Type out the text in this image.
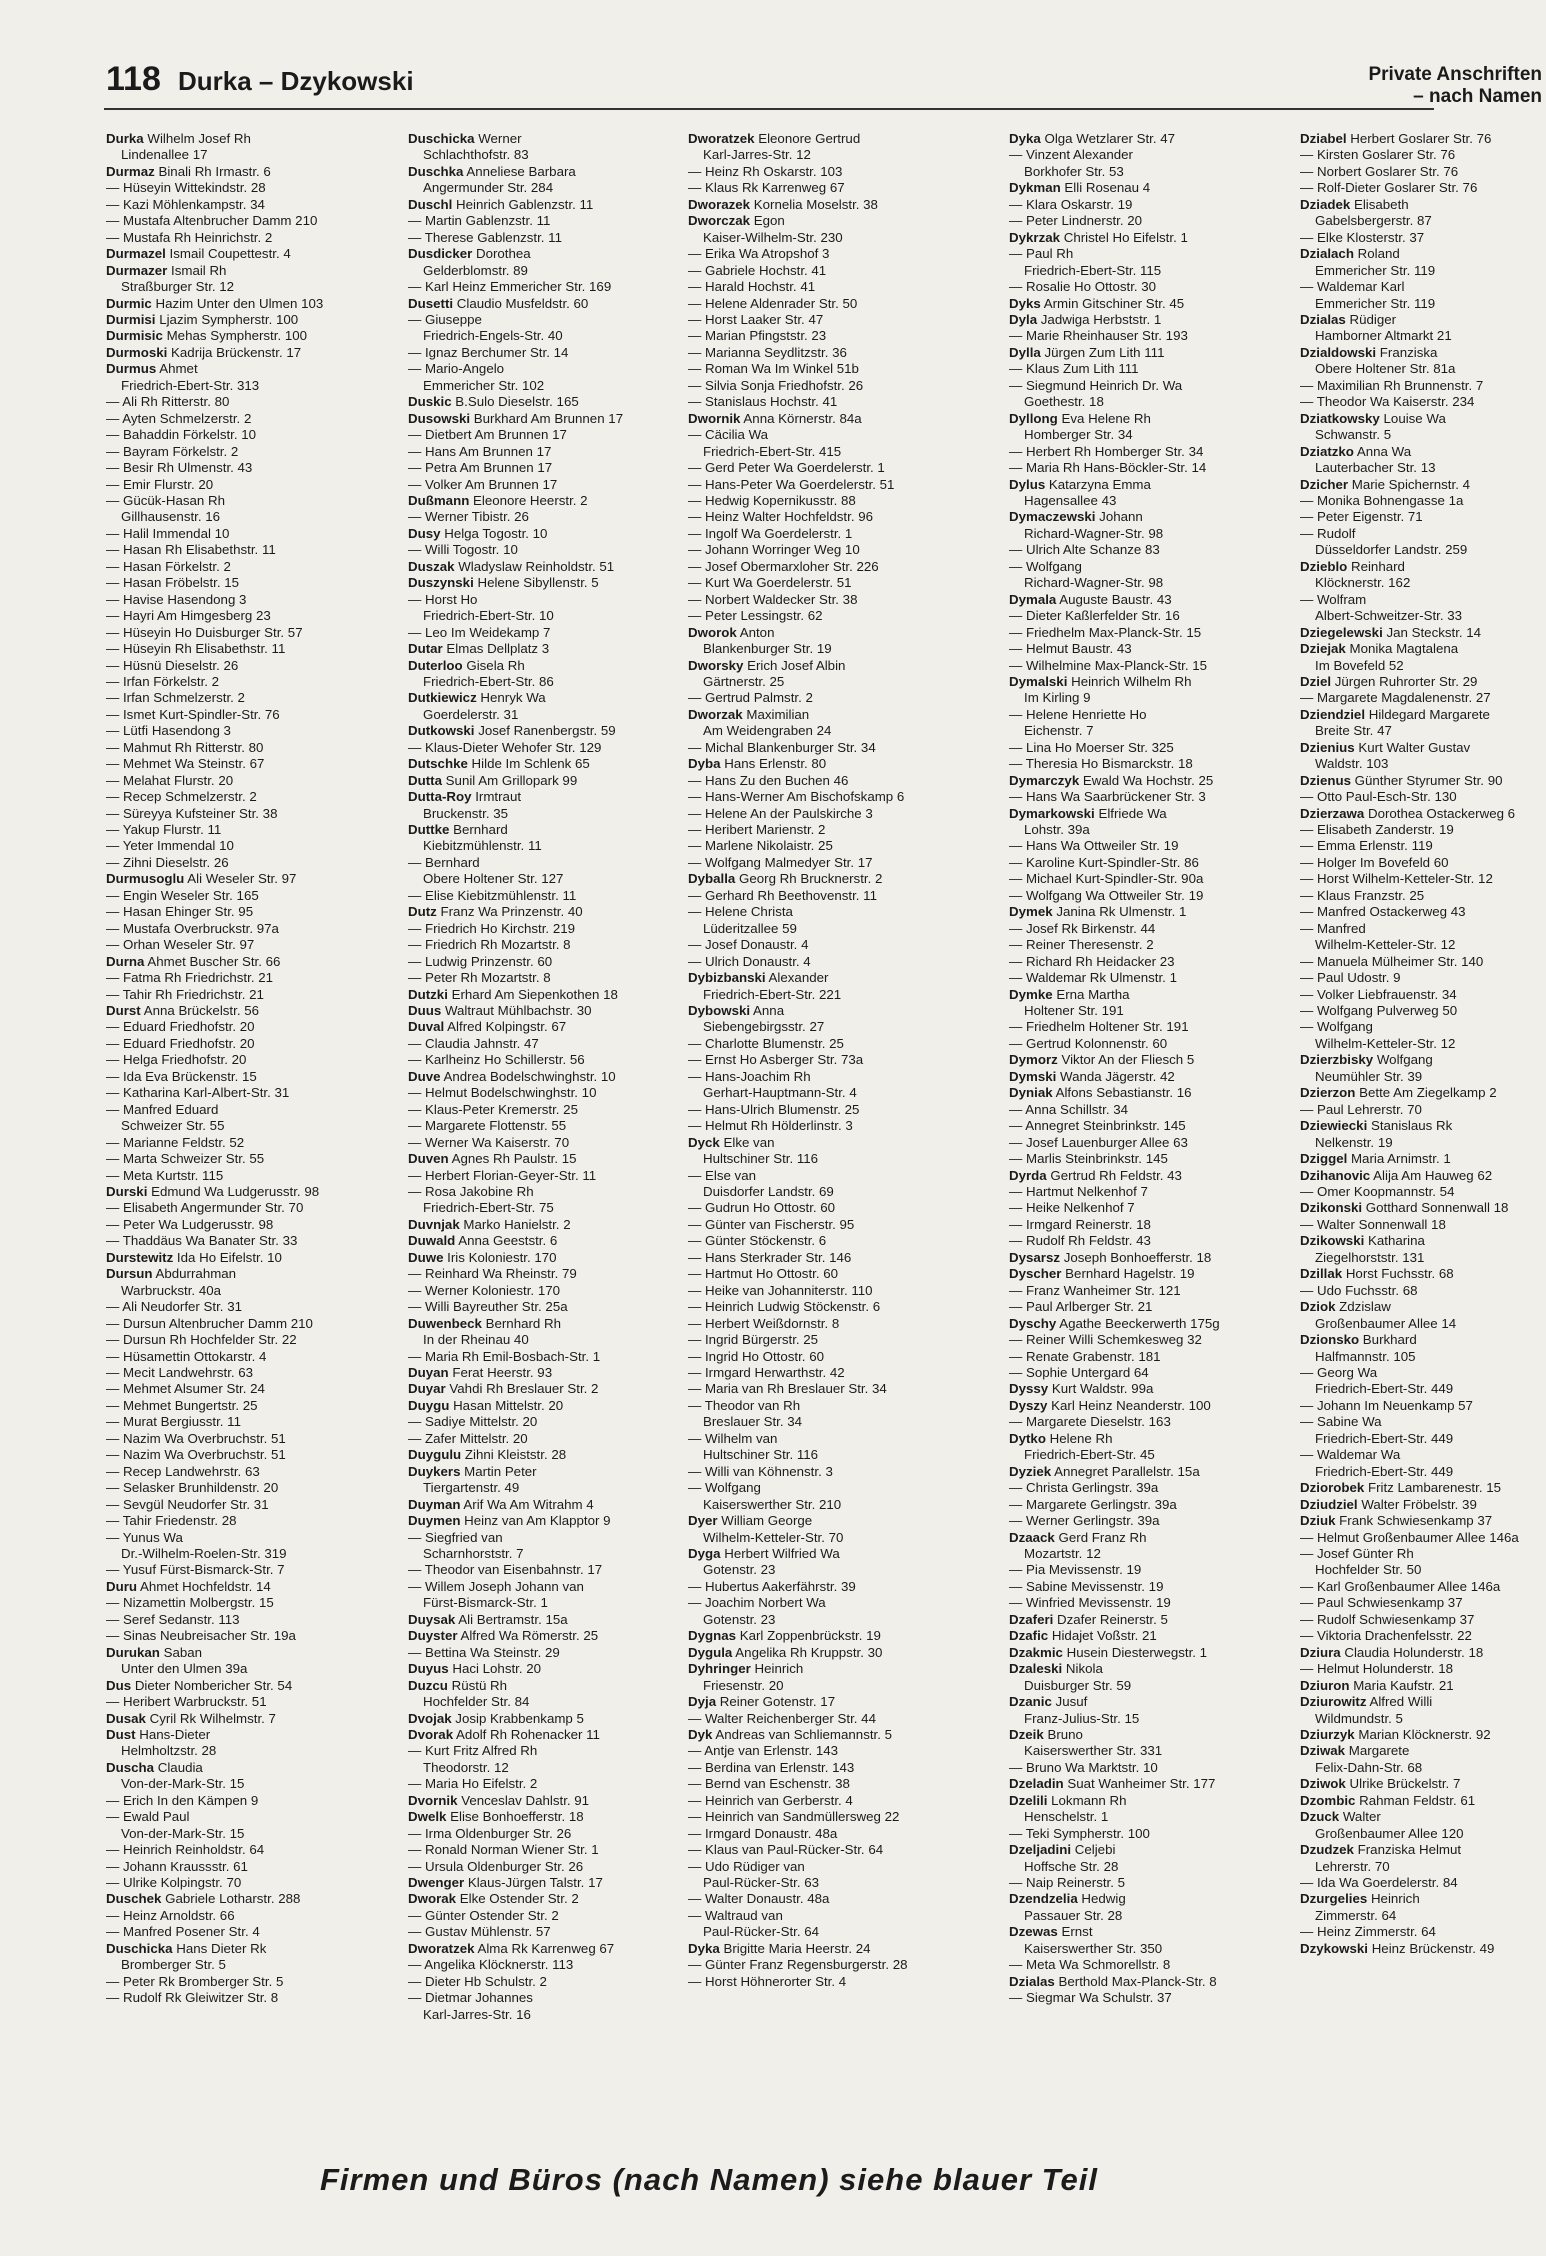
118 Durka – Dzykowski	Private Anschriften
– nach Namen
Durka Wilhelm Josef Rh
Lindenallee 17
Durmaz Binali Rh Irmastr. 6
— Hüseyin Wittekindstr. 28
— Kazi Möhlenkampstr. 34
— Mustafa Altenbrucher Damm 210
— Mustafa Rh Heinrichstr. 2
Durmazel Ismail Coupettestr. 4
Durmazer Ismail Rh
Straßburger Str. 12
Durmic Hazim Unter den Ulmen 103
Durmisi Ljazim Sympherstr. 100
Durmisic Mehas Sympherstr. 100
Durmoski Kadrija Brückenstr. 17
Durmus Ahmet
Friedrich-Ebert-Str. 313
— Ali Rh Ritterstr. 80
— Ayten Schmelzerstr. 2
— Bahaddin Förkelstr. 10
— Bayram Förkelstr. 2
— Besir Rh Ulmenstr. 43
— Emir Flurstr. 20
— Gücük-Hasan Rh
Gillhausenstr. 16
— Halil Immendal 10
— Hasan Rh Elisabethstr. 11
— Hasan Förkelstr. 2
— Hasan Fröbelstr. 15
— Havise Hasendong 3
— Hayri Am Himgesberg 23
— Hüseyin Ho Duisburger Str. 57
— Hüseyin Rh Elisabethstr. 11
— Hüsnü Dieselstr. 26
— Irfan Förkelstr. 2
— Irfan Schmelzerstr. 2
— Ismet Kurt-Spindler-Str. 76
— Lütfi Hasendong 3
— Mahmut Rh Ritterstr. 80
— Mehmet Wa Steinstr. 67
— Melahat Flurstr. 20
— Recep Schmelzerstr. 2
— Süreyya Kufsteiner Str. 38
— Yakup Flurstr. 11
— Yeter Immendal 10
— Zihni Dieselstr. 26
Durmusoglu Ali Weseler Str. 97
— Engin Weseler Str. 165
— Hasan Ehinger Str. 95
— Mustafa Overbruckstr. 97a
— Orhan Weseler Str. 97
Durna Ahmet Buscher Str. 66
— Fatma Rh Friedrichstr. 21
— Tahir Rh Friedrichstr. 21
Durst Anna Brückelstr. 56
— Eduard Friedhofstr. 20
— Eduard Friedhofstr. 20
— Helga Friedhofstr. 20
— Ida Eva Brückenstr. 15
— Katharina Karl-Albert-Str. 31
— Manfred Eduard
Schweizer Str. 55
— Marianne Feldstr. 52
— Marta Schweizer Str. 55
— Meta Kurtstr. 115
Durski Edmund Wa Ludgerusstr. 98
— Elisabeth Angermunder Str. 70
— Peter Wa Ludgerusstr. 98
— Thaddäus Wa Banater Str. 33
Durstewitz Ida Ho Eifelstr. 10
Dursun Abdurrahman
Warbruckstr. 40a
— Ali Neudorfer Str. 31
— Dursun Altenbrucher Damm 210
— Dursun Rh Hochfelder Str. 22
— Hüsamettin Ottokarstr. 4
— Mecit Landwehrstr. 63
— Mehmet Alsumer Str. 24
— Mehmet Bungertstr. 25
— Murat Bergiusstr. 11
— Nazim Wa Overbruchstr. 51
— Nazim Wa Overbruchstr. 51
— Recep Landwehrstr. 63
— Selasker Brunhildenstr. 20
— Sevgül Neudorfer Str. 31
— Tahir Friedenstr. 28
— Yunus Wa
Dr.-Wilhelm-Roelen-Str. 319
— Yusuf Fürst-Bismarck-Str. 7
Duru Ahmet Hochfeldstr. 14
— Nizamettin Molbergstr. 15
— Seref Sedanstr. 113
— Sinas Neubreisacher Str. 19a
Durukan Saban
Unter den Ulmen 39a
Dus Dieter Nombericher Str. 54
— Heribert Warbruckstr. 51
Dusak Cyril Rk Wilhelmstr. 7
Dust Hans-Dieter
Helmholtzstr. 28
Duscha Claudia
Von-der-Mark-Str. 15
— Erich In den Kämpen 9
— Ewald Paul
Von-der-Mark-Str. 15
— Heinrich Reinholdstr. 64
— Johann Kraussstr. 61
— Ulrike Kolpingstr. 70
Duschek Gabriele Lotharstr. 288
— Heinz Arnoldstr. 66
— Manfred Posener Str. 4
Duschicka Hans Dieter Rk
Bromberger Str. 5
— Peter Rk Bromberger Str. 5
— Rudolf Rk Gleiwitzer Str. 8
Duschicka Werner
Schlachthofstr. 83
Duschka Anneliese Barbara
Angermunder Str. 284
Duschl Heinrich Gablenzstr. 11
— Martin Gablenzstr. 11
— Therese Gablenzstr. 11
Dusdicker Dorothea
Gelderblomstr. 89
— Karl Heinz Emmericher Str. 169
Dusetti Claudio Musfeldstr. 60
— Giuseppe
Friedrich-Engels-Str. 40
— Ignaz Berchumer Str. 14
— Mario-Angelo
Emmericher Str. 102
Duskic B.Sulo Dieselstr. 165
Dusowski Burkhard Am Brunnen 17
— Dietbert Am Brunnen 17
— Hans Am Brunnen 17
— Petra Am Brunnen 17
— Volker Am Brunnen 17
Dußmann Eleonore Heerstr. 2
— Werner Tibistr. 26
Dusy Helga Togostr. 10
— Willi Togostr. 10
Duszak Wladyslaw Reinholdstr. 51
Duszynski Helene Sibyllenstr. 5
— Horst Ho
Friedrich-Ebert-Str. 10
— Leo Im Weidekamp 7
Dutar Elmas Dellplatz 3
Duterloo Gisela Rh
Friedrich-Ebert-Str. 86
Dutkiewicz Henryk Wa
Goerdelerstr. 31
Dutkowski Josef Ranenbergstr. 59
— Klaus-Dieter Wehofer Str. 129
Dutschke Hilde Im Schlenk 65
Dutta Sunil Am Grillopark 99
Dutta-Roy Irmtraut
Bruckenstr. 35
Duttke Bernhard
Kiebitzmühlenstr. 11
— Bernhard
Obere Holtener Str. 127
— Elise Kiebitzmühlenstr. 11
Dutz Franz Wa Prinzenstr. 40
— Friedrich Ho Kirchstr. 219
— Friedrich Rh Mozartstr. 8
— Ludwig Prinzenstr. 60
— Peter Rh Mozartstr. 8
Dutzki Erhard Am Siepenkothen 18
Duus Waltraut Mühlbachstr. 30
Duval Alfred Kolpingstr. 67
— Claudia Jahnstr. 47
— Karlheinz Ho Schillerstr. 56
Duve Andrea Bodelschwinghstr. 10
— Helmut Bodelschwinghstr. 10
— Klaus-Peter Kremerstr. 25
— Margarete Flottenstr. 55
— Werner Wa Kaiserstr. 70
Duven Agnes Rh Paulstr. 15
— Herbert Florian-Geyer-Str. 11
— Rosa Jakobine Rh
Friedrich-Ebert-Str. 75
Duvnjak Marko Hanielstr. 2
Duwald Anna Geeststr. 6
Duwe Iris Koloniestr. 170
— Reinhard Wa Rheinstr. 79
— Werner Koloniestr. 170
— Willi Bayreuther Str. 25a
Duwenbeck Bernhard Rh
In der Rheinau 40
— Maria Rh Emil-Bosbach-Str. 1
Duyan Ferat Heerstr. 93
Duyar Vahdi Rh Breslauer Str. 2
Duygu Hasan Mittelstr. 20
— Sadiye Mittelstr. 20
— Zafer Mittelstr. 20
Duygulu Zihni Kleiststr. 28
Duykers Martin Peter
Tiergartenstr. 49
Duyman Arif Wa Am Witrahm 4
Duymen Heinz van Am Klapptor 9
— Siegfried van
Scharnhorststr. 7
— Theodor van Eisenbahnstr. 17
— Willem Joseph Johann van
Fürst-Bismarck-Str. 1
Duysak Ali Bertramstr. 15a
Duyster Alfred Wa Römerstr. 25
— Bettina Wa Steinstr. 29
Duyus Haci Lohstr. 20
Duzcu Rüstü Rh
Hochfelder Str. 84
Dvojak Josip Krabbenkamp 5
Dvorak Adolf Rh Rohenacker 11
— Kurt Fritz Alfred Rh
Theodorstr. 12
— Maria Ho Eifelstr. 2
Dvornik Venceslav Dahlstr. 91
Dwelk Elise Bonhoefferstr. 18
— Irma Oldenburger Str. 26
— Ronald Norman Wiener Str. 1
— Ursula Oldenburger Str. 26
Dwenger Klaus-Jürgen Talstr. 17
Dworak Elke Ostender Str. 2
— Günter Ostender Str. 2
— Gustav Mühlenstr. 57
Dworatzek Alma Rk Karrenweg 67
— Angelika Klöcknerstr. 113
— Dieter Hb Schulstr. 2
— Dietmar Johannes
Karl-Jarres-Str. 16
Dworatzek Eleonore Gertrud
Karl-Jarres-Str. 12
— Heinz Rh Oskarstr. 103
— Klaus Rk Karrenweg 67
Dworazek Kornelia Moselstr. 38
Dworczak Egon
Kaiser-Wilhelm-Str. 230
— Erika Wa Atropshof 3
— Gabriele Hochstr. 41
— Harald Hochstr. 41
— Helene Aldenrader Str. 50
— Horst Laaker Str. 47
— Marian Pfingststr. 23
— Marianna Seydlitzstr. 36
— Roman Wa Im Winkel 51b
— Silvia Sonja Friedhofstr. 26
— Stanislaus Hochstr. 41
Dwornik Anna Körnerstr. 84a
— Cäcilia Wa
Friedrich-Ebert-Str. 415
— Gerd Peter Wa Goerdelerstr. 1
— Hans-Peter Wa Goerdelerstr. 51
— Hedwig Kopernikusstr. 88
— Heinz Walter Hochfeldstr. 96
— Ingolf Wa Goerdelerstr. 1
— Johann Worringer Weg 10
— Josef Obermarxloher Str. 226
— Kurt Wa Goerdelerstr. 51
— Norbert Waldecker Str. 38
— Peter Lessingstr. 62
Dworok Anton
Blankenburger Str. 19
Dworsky Erich Josef Albin
Gärtnerstr. 25
— Gertrud Palmstr. 2
Dworzak Maximilian
Am Weidengraben 24
— Michal Blankenburger Str. 34
Dyba Hans Erlenstr. 80
— Hans Zu den Buchen 46
— Hans-Werner Am Bischofskamp 6
— Helene An der Paulskirche 3
— Heribert Marienstr. 2
— Marlene Nikolaistr. 25
— Wolfgang Malmedyer Str. 17
Dyballa Georg Rh Brucknerstr. 2
— Gerhard Rh Beethovenstr. 11
— Helene Christa
Lüderitzallee 59
— Josef Donaustr. 4
— Ulrich Donaustr. 4
Dybizbanski Alexander
Friedrich-Ebert-Str. 221
Dybowski Anna
Siebengebirgsstr. 27
— Charlotte Blumenstr. 25
— Ernst Ho Asberger Str. 73a
— Hans-Joachim Rh
Gerhart-Hauptmann-Str. 4
— Hans-Ulrich Blumenstr. 25
— Helmut Rh Hölderlinstr. 3
Dyck Elke van
Hultschiner Str. 116
— Else van
Duisdorfer Landstr. 69
— Gudrun Ho Ottostr. 60
— Günter van Fischerstr. 95
— Günter Stöckenstr. 6
— Hans Sterkrader Str. 146
— Hartmut Ho Ottostr. 60
— Heike van Johanniterstr. 110
— Heinrich Ludwig Stöckenstr. 6
— Herbert Weißdornstr. 8
— Ingrid Bürgerstr. 25
— Ingrid Ho Ottostr. 60
— Irmgard Herwarthstr. 42
— Maria van Rh Breslauer Str. 34
— Theodor van Rh
Breslauer Str. 34
— Wilhelm van
Hultschiner Str. 116
— Willi van Köhnenstr. 3
— Wolfgang
Kaiserswerther Str. 210
Dyer William George
Wilhelm-Ketteler-Str. 70
Dyga Herbert Wilfried Wa
Gotenstr. 23
— Hubertus Aakerfährstr. 39
— Joachim Norbert Wa
Gotenstr. 23
Dygnas Karl Zoppenbrückstr. 19
Dygula Angelika Rh Kruppstr. 30
Dyhringer Heinrich
Friesenstr. 20
Dyja Reiner Gotenstr. 17
— Walter Reichenberger Str. 44
Dyk Andreas van Schliemannstr. 5
— Antje van Erlenstr. 143
— Berdina van Erlenstr. 143
— Bernd van Eschenstr. 38
— Heinrich van Gerberstr. 4
— Heinrich van Sandmüllersweg 22
— Irmgard Donaustr. 48a
— Klaus van Paul-Rücker-Str. 64
— Udo Rüdiger van
Paul-Rücker-Str. 63
— Walter Donaustr. 48a
— Waltraud van
Paul-Rücker-Str. 64
Dyka Brigitte Maria Heerstr. 24
— Günter Franz Regensburgerstr. 28
— Horst Höhnerorter Str. 4
Dyka Olga Wetzlarer Str. 47
— Vinzent Alexander
Borkhofer Str. 53
Dykman Elli Rosenau 4
— Klara Oskarstr. 19
— Peter Lindnerstr. 20
Dykrzak Christel Ho Eifelstr. 1
— Paul Rh
Friedrich-Ebert-Str. 115
— Rosalie Ho Ottostr. 30
Dyks Armin Gitschiner Str. 45
Dyla Jadwiga Herbststr. 1
— Marie Rheinhauser Str. 193
Dylla Jürgen Zum Lith 111
— Klaus Zum Lith 111
— Siegmund Heinrich Dr. Wa
Goethestr. 18
Dyllong Eva Helene Rh
Homberger Str. 34
— Herbert Rh Homberger Str. 34
— Maria Rh Hans-Böckler-Str. 14
Dylus Katarzyna Emma
Hagensallee 43
Dymaczewski Johann
Richard-Wagner-Str. 98
— Ulrich Alte Schanze 83
— Wolfgang
Richard-Wagner-Str. 98
Dymala Auguste Baustr. 43
— Dieter Kaßlerfelder Str. 16
— Friedhelm Max-Planck-Str. 15
— Helmut Baustr. 43
— Wilhelmine Max-Planck-Str. 15
Dymalski Heinrich Wilhelm Rh
Im Kirling 9
— Helene Henriette Ho
Eichenstr. 7
— Lina Ho Moerser Str. 325
— Theresia Ho Bismarckstr. 18
Dymarczyk Ewald Wa Hochstr. 25
— Hans Wa Saarbrückener Str. 3
Dymarkowski Elfriede Wa
Lohstr. 39a
— Hans Wa Ottweiler Str. 19
— Karoline Kurt-Spindler-Str. 86
— Michael Kurt-Spindler-Str. 90a
— Wolfgang Wa Ottweiler Str. 19
Dymek Janina Rk Ulmenstr. 1
— Josef Rk Birkenstr. 44
— Reiner Theresenstr. 2
— Richard Rh Heidacker 23
— Waldemar Rk Ulmenstr. 1
Dymke Erna Martha
Holtener Str. 191
— Friedhelm Holtener Str. 191
— Gertrud Kolonnenstr. 60
Dymorz Viktor An der Fliesch 5
Dymski Wanda Jägerstr. 42
Dyniak Alfons Sebastianstr. 16
— Anna Schillstr. 34
— Annegret Steinbrinkstr. 145
— Josef Lauenburger Allee 63
— Marlis Steinbrinkstr. 145
Dyrda Gertrud Rh Feldstr. 43
— Hartmut Nelkenhof 7
— Heike Nelkenhof 7
— Irmgard Reinerstr. 18
— Rudolf Rh Feldstr. 43
Dysarsz Joseph Bonhoefferstr. 18
Dyscher Bernhard Hagelstr. 19
— Franz Wanheimer Str. 121
— Paul Arlberger Str. 21
Dyschy Agathe Beeckerwerth 175g
— Reiner Willi Schemkesweg 32
— Renate Grabenstr. 181
— Sophie Untergard 64
Dyssy Kurt Waldstr. 99a
Dyszy Karl Heinz Neanderstr. 100
— Margarete Dieselstr. 163
Dytko Helene Rh
Friedrich-Ebert-Str. 45
Dyziek Annegret Parallelstr. 15a
— Christa Gerlingstr. 39a
— Margarete Gerlingstr. 39a
— Werner Gerlingstr. 39a
Dzaack Gerd Franz Rh
Mozartstr. 12
— Pia Mevissenstr. 19
— Sabine Mevissenstr. 19
— Winfried Mevissenstr. 19
Dzaferi Dzafer Reinerstr. 5
Dzafic Hidajet Voßstr. 21
Dzakmic Husein Diesterwegstr. 1
Dzaleski Nikola
Duisburger Str. 59
Dzanic Jusuf
Franz-Julius-Str. 15
Dzeik Bruno
Kaiserswerther Str. 331
— Bruno Wa Marktstr. 10
Dzeladin Suat Wanheimer Str. 177
Dzelili Lokmann Rh
Henschelstr. 1
— Teki Sympherstr. 100
Dzeljadini Celjebi
Hoffsche Str. 28
— Naip Reinerstr. 5
Dzendzelia Hedwig
Passauer Str. 28
Dzewas Ernst
Kaiserswerther Str. 350
— Meta Wa Schmorellstr. 8
Dzialas Berthold Max-Planck-Str. 8
— Siegmar Wa Schulstr. 37
Dziabel Herbert Goslarer Str. 76
— Kirsten Goslarer Str. 76
— Norbert Goslarer Str. 76
— Rolf-Dieter Goslarer Str. 76
Dziadek Elisabeth
Gabelsbergerstr. 87
— Elke Klosterstr. 37
Dzialach Roland
Emmericher Str. 119
— Waldemar Karl
Emmericher Str. 119
Dzialas Rüdiger
Hamborner Altmarkt 21
Dzialdowski Franziska
Obere Holtener Str. 81a
— Maximilian Rh Brunnenstr. 7
— Theodor Wa Kaiserstr. 234
Dziatkowsky Louise Wa
Schwanstr. 5
Dziatzko Anna Wa
Lauterbacher Str. 13
Dzicher Marie Spichernstr. 4
— Monika Bohnengasse 1a
— Peter Eigenstr. 71
— Rudolf
Düsseldorfer Landstr. 259
Dzieblo Reinhard
Klöcknerstr. 162
— Wolfram
Albert-Schweitzer-Str. 33
Dziegelewski Jan Steckstr. 14
Dziejak Monika Magtalena
Im Bovefeld 52
Dziel Jürgen Ruhrorter Str. 29
— Margarete Magdalenenstr. 27
Dziendziel Hildegard Margarete
Breite Str. 47
Dzienius Kurt Walter Gustav
Waldstr. 103
Dzienus Günther Styrumer Str. 90
— Otto Paul-Esch-Str. 130
Dzierzawa Dorothea Ostackerweg 6
— Elisabeth Zanderstr. 19
— Emma Erlenstr. 119
— Holger Im Bovefeld 60
— Horst Wilhelm-Ketteler-Str. 12
— Klaus Franzstr. 25
— Manfred Ostackerweg 43
— Manfred
Wilhelm-Ketteler-Str. 12
— Manuela Mülheimer Str. 140
— Paul Udostr. 9
— Volker Liebfrauenstr. 34
— Wolfgang Pulverweg 50
— Wolfgang
Wilhelm-Ketteler-Str. 12
Dzierzbisky Wolfgang
Neumühler Str. 39
Dzierzon Bette Am Ziegelkamp 2
— Paul Lehrerstr. 70
Dziewiecki Stanislaus Rk
Nelkenstr. 19
Dziggel Maria Arnimstr. 1
Dzihanovic Alija Am Hauweg 62
— Omer Koopmannstr. 54
Dzikonski Gotthard Sonnenwall 18
— Walter Sonnenwall 18
Dzikowski Katharina
Ziegelhorststr. 131
Dzillak Horst Fuchsstr. 68
— Udo Fuchsstr. 68
Dziok Zdzislaw
Großenbaumer Allee 14
Dzionsko Burkhard
Halfmannstr. 105
— Georg Wa
Friedrich-Ebert-Str. 449
— Johann Im Neuenkamp 57
— Sabine Wa
Friedrich-Ebert-Str. 449
— Waldemar Wa
Friedrich-Ebert-Str. 449
Dziorobek Fritz Lambarenestr. 15
Dziudziel Walter Fröbelstr. 39
Dziuk Frank Schwiesenkamp 37
— Helmut Großenbaumer Allee 146a
— Josef Günter Rh
Hochfelder Str. 50
— Karl Großenbaumer Allee 146a
— Paul Schwiesenkamp 37
— Rudolf Schwiesenkamp 37
— Viktoria Drachenfelsstr. 22
Dziura Claudia Holunderstr. 18
— Helmut Holunderstr. 18
Dziuron Maria Kaufstr. 21
Dziurowitz Alfred Willi
Wildmundstr. 5
Dziurzyk Marian Klöcknerstr. 92
Dziwak Margarete
Felix-Dahn-Str. 68
Dziwok Ulrike Brückelstr. 7
Dzombic Rahman Feldstr. 61
Dzuck Walter
Großenbaumer Allee 120
Dzudzek Franziska Helmut
Lehrerstr. 70
— Ida Wa Goerdelerstr. 84
Dzurgelies Heinrich
Zimmerstr. 64
— Heinz Zimmerstr. 64
Dzykowski Heinz Brückenstr. 49
Firmen und Büros (nach Namen) siehe blauer Teil
